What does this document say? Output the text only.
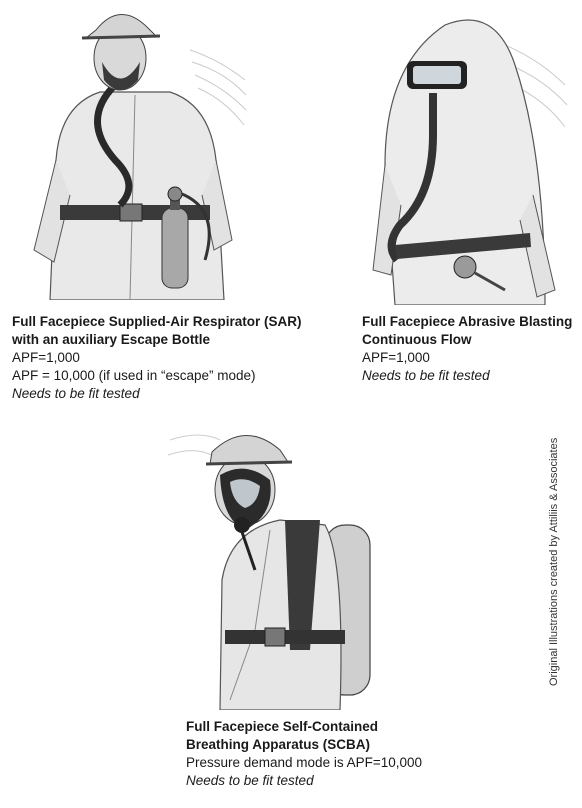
Full Facepiece Supplied-Air Respirator (SAR)
with an auxiliary Escape Bottle
APF=1,000
APF = 10,000 (if used in “escape” mode)
Needs to be fit tested
Full Facepiece Abrasive Blasting
Continuous Flow
APF=1,000
Needs to be fit tested
Full Facepiece Self-Contained
Breathing Apparatus (SCBA)
Pressure demand mode is APF=10,000
Needs to be fit tested
Original Illustrations created by Attiliis & Associates
